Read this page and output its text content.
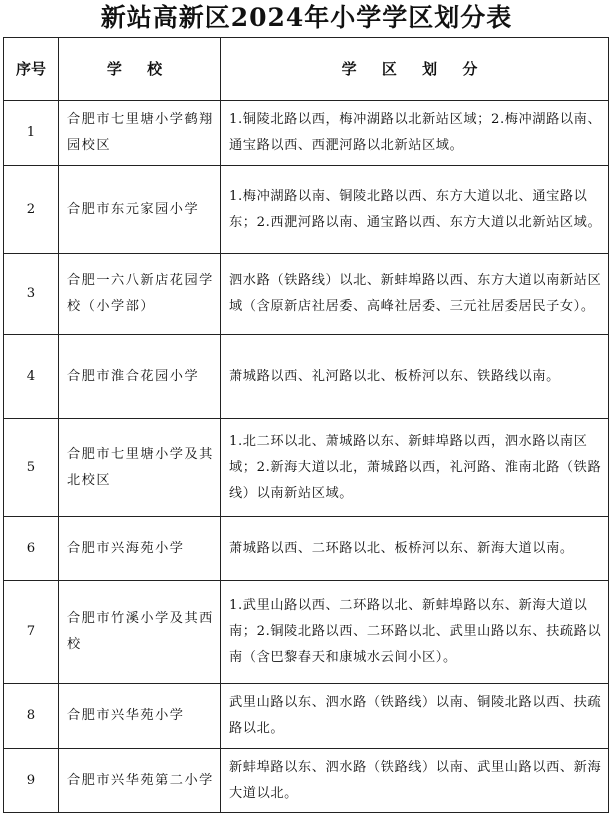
新站高新区2024年小学学区划分表
序号	学 校	学 区 划 分
1	合肥市七里塘小学鹤翔园校区	1.铜陵北路以西，梅冲湖路以北新站区域；2.梅冲湖路以南、通宝路以西、西淝河路以北新站区域。
2	合肥市东元家园小学	1.梅冲湖路以南、铜陵北路以西、东方大道以北、通宝路以东；2.西淝河路以南、通宝路以西、东方大道以北新站区域。
3	合肥一六八新店花园学校（小学部）	泗水路（铁路线）以北、新蚌埠路以西、东方大道以南新站区域（含原新店社居委、高峰社居委、三元社居委居民子女）。
4	合肥市淮合花园小学	萧城路以西、礼河路以北、板桥河以东、铁路线以南。
5	合肥市七里塘小学及其北校区	1.北二环以北、萧城路以东、新蚌埠路以西，泗水路以南区域；2.新海大道以北，萧城路以西，礼河路、淮南北路（铁路线）以南新站区域。
6	合肥市兴海苑小学	萧城路以西、二环路以北、板桥河以东、新海大道以南。
7	合肥市竹溪小学及其西校	1.武里山路以西、二环路以北、新蚌埠路以东、新海大道以南；2.铜陵北路以西、二环路以北、武里山路以东、扶疏路以南（含巴黎春天和康城水云间小区）。
8	合肥市兴华苑小学	武里山路以东、泗水路（铁路线）以南、铜陵北路以西、扶疏路以北。
9	合肥市兴华苑第二小学	新蚌埠路以东、泗水路（铁路线）以南、武里山路以西、新海大道以北。
